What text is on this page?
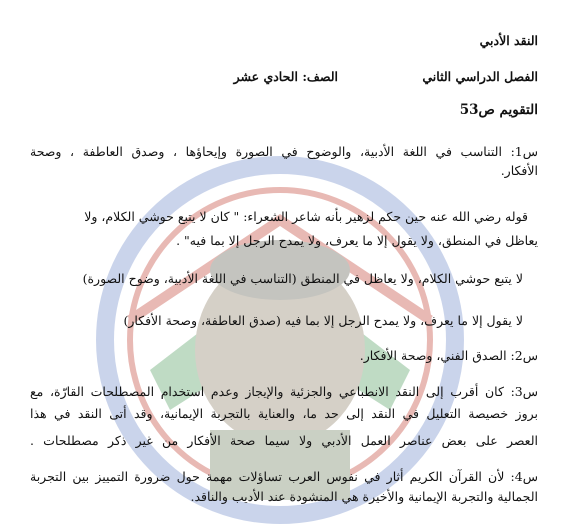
النقد الأدبي
الفصل الدراسي الثاني
الصف: الحادي عشر
التقويم ص53
س1: التناسب في اللغة الأدبية، والوضوح في الصورة وإيحاؤها ، وصدق العاطفة ، وصحة
الأفكار.
قوله رضي الله عنه حين حكم لزهير بأنه شاعر الشعراء: " كان لا يتبع حوشي الكلام، ولا
يعاظل في المنطق، ولا يقول إلا ما يعرف، ولا يمدح الرجل إلا بما فيه" .
لا يتبع حوشي الكلام، ولا يعاظل في المنطق (التناسب في اللغة الأدبية، وضوح الصورة)
لا يقول إلا ما يعرف، ولا يمدح الرجل إلا بما فيه (صدق العاطفة، وصحة الأفكار)
س2: الصدق الفني، وصحة الأفكار.
س3: كان أقرب إلى النقد الانطباعي والجزئية والإيجاز وعدم استخدام المصطلحات القارّة، مع
بروز خصيصة التعليل في النقد إلى حد ما، والعناية بالتجربة الإيمانية، وقد أتى النقد في هذا
العصر على بعض عناصر العمل الأدبي ولا سيما صحة الأفكار من غير ذكر مصطلحات .
س4: لأن القرآن الكريم أثار في نفوس العرب تساؤلات مهمة حول ضرورة التمييز بين التجربة
الجمالية والتجربة الإيمانية والأخيرة هي المنشودة عند الأديب والناقد.
